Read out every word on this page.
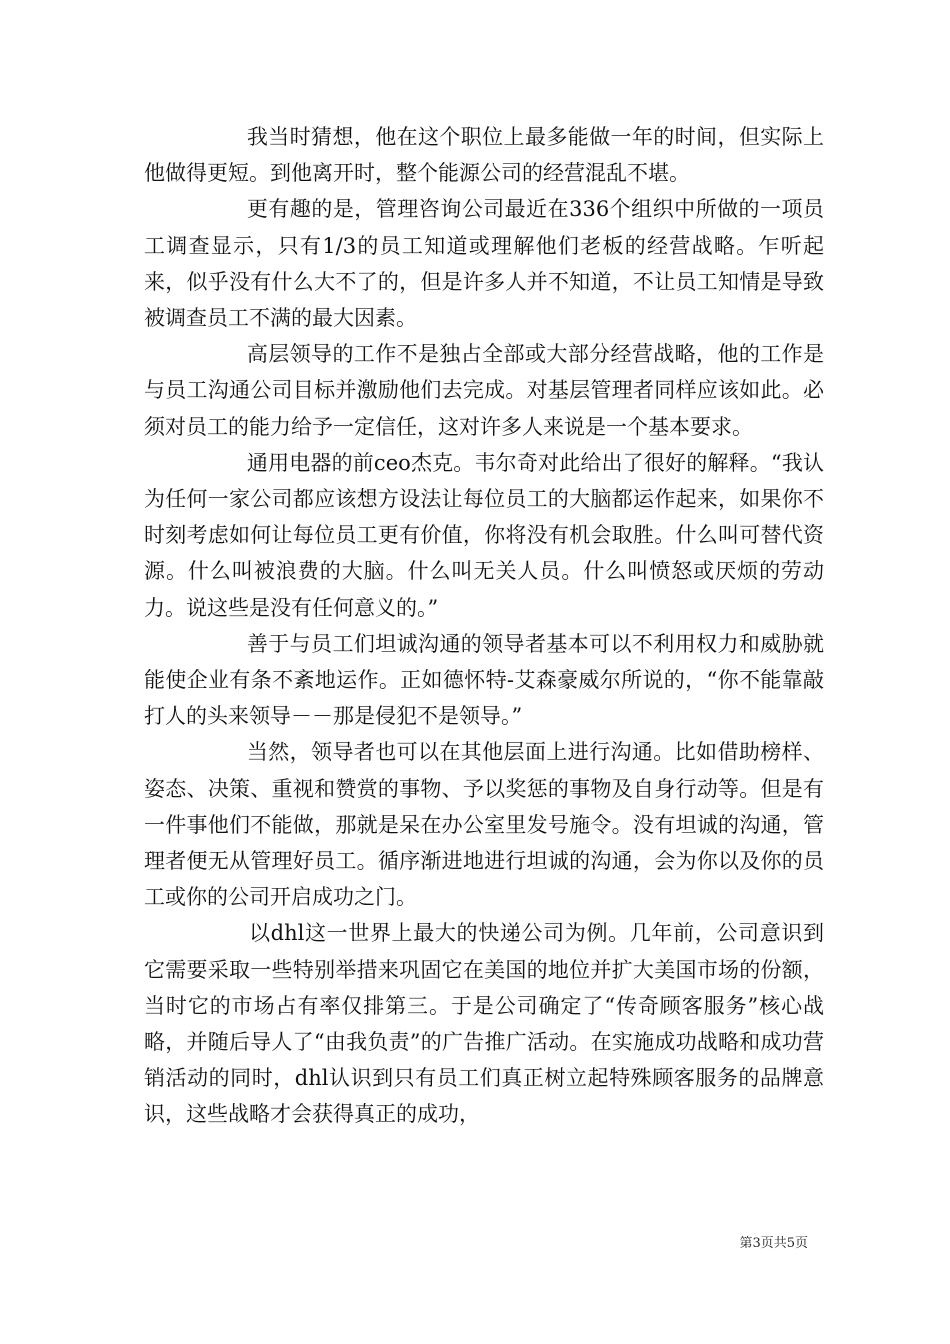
我当时猜想，他在这个职位上最多能做一年的时间，但实际上他做得更短。到他离开时，整个能源公司的经营混乱不堪。

更有趣的是，管理咨询公司最近在336个组织中所做的一项员工调查显示，只有1/3的员工知道或理解他们老板的经营战略。乍听起来，似乎没有什么大不了的，但是许多人并不知道，不让员工知情是导致被调查员工不满的最大因素。

高层领导的工作不是独占全部或大部分经营战略，他的工作是与员工沟通公司目标并激励他们去完成。对基层管理者同样应该如此。必须对员工的能力给予一定信任，这对许多人来说是一个基本要求。

通用电器的前ceo杰克。韦尔奇对此给出了很好的解释。“我认为任何一家公司都应该想方设法让每位员工的大脑都运作起来，如果你不时刻考虑如何让每位员工更有价值，你将没有机会取胜。什么叫可替代资源。什么叫被浪费的大脑。什么叫无关人员。什么叫愤怒或厌烦的劳动力。说这些是没有任何意义的。”

善于与员工们坦诚沟通的领导者基本可以不利用权力和威胁就能使企业有条不紊地运作。正如德怀特-艾森豪威尔所说的，“你不能靠敲打人的头来领导－－那是侵犯不是领导。”

当然，领导者也可以在其他层面上进行沟通。比如借助榜样、姿态、决策、重视和赞赏的事物、予以奖惩的事物及自身行动等。但是有一件事他们不能做，那就是呆在办公室里发号施令。没有坦诚的沟通，管理者便无从管理好员工。循序渐进地进行坦诚的沟通，会为你以及你的员工或你的公司开启成功之门。

以dhl这一世界上最大的快递公司为例。几年前，公司意识到它需要采取一些特别举措来巩固它在美国的地位并扩大美国市场的份额，当时它的市场占有率仅排第三。于是公司确定了“传奇顾客服务”核心战略，并随后导人了“由我负责”的广告推广活动。在实施成功战略和成功营销活动的同时，dhl认识到只有员工们真正树立起特殊顾客服务的品牌意识，这些战略才会获得真正的成功，

第3页共5页
